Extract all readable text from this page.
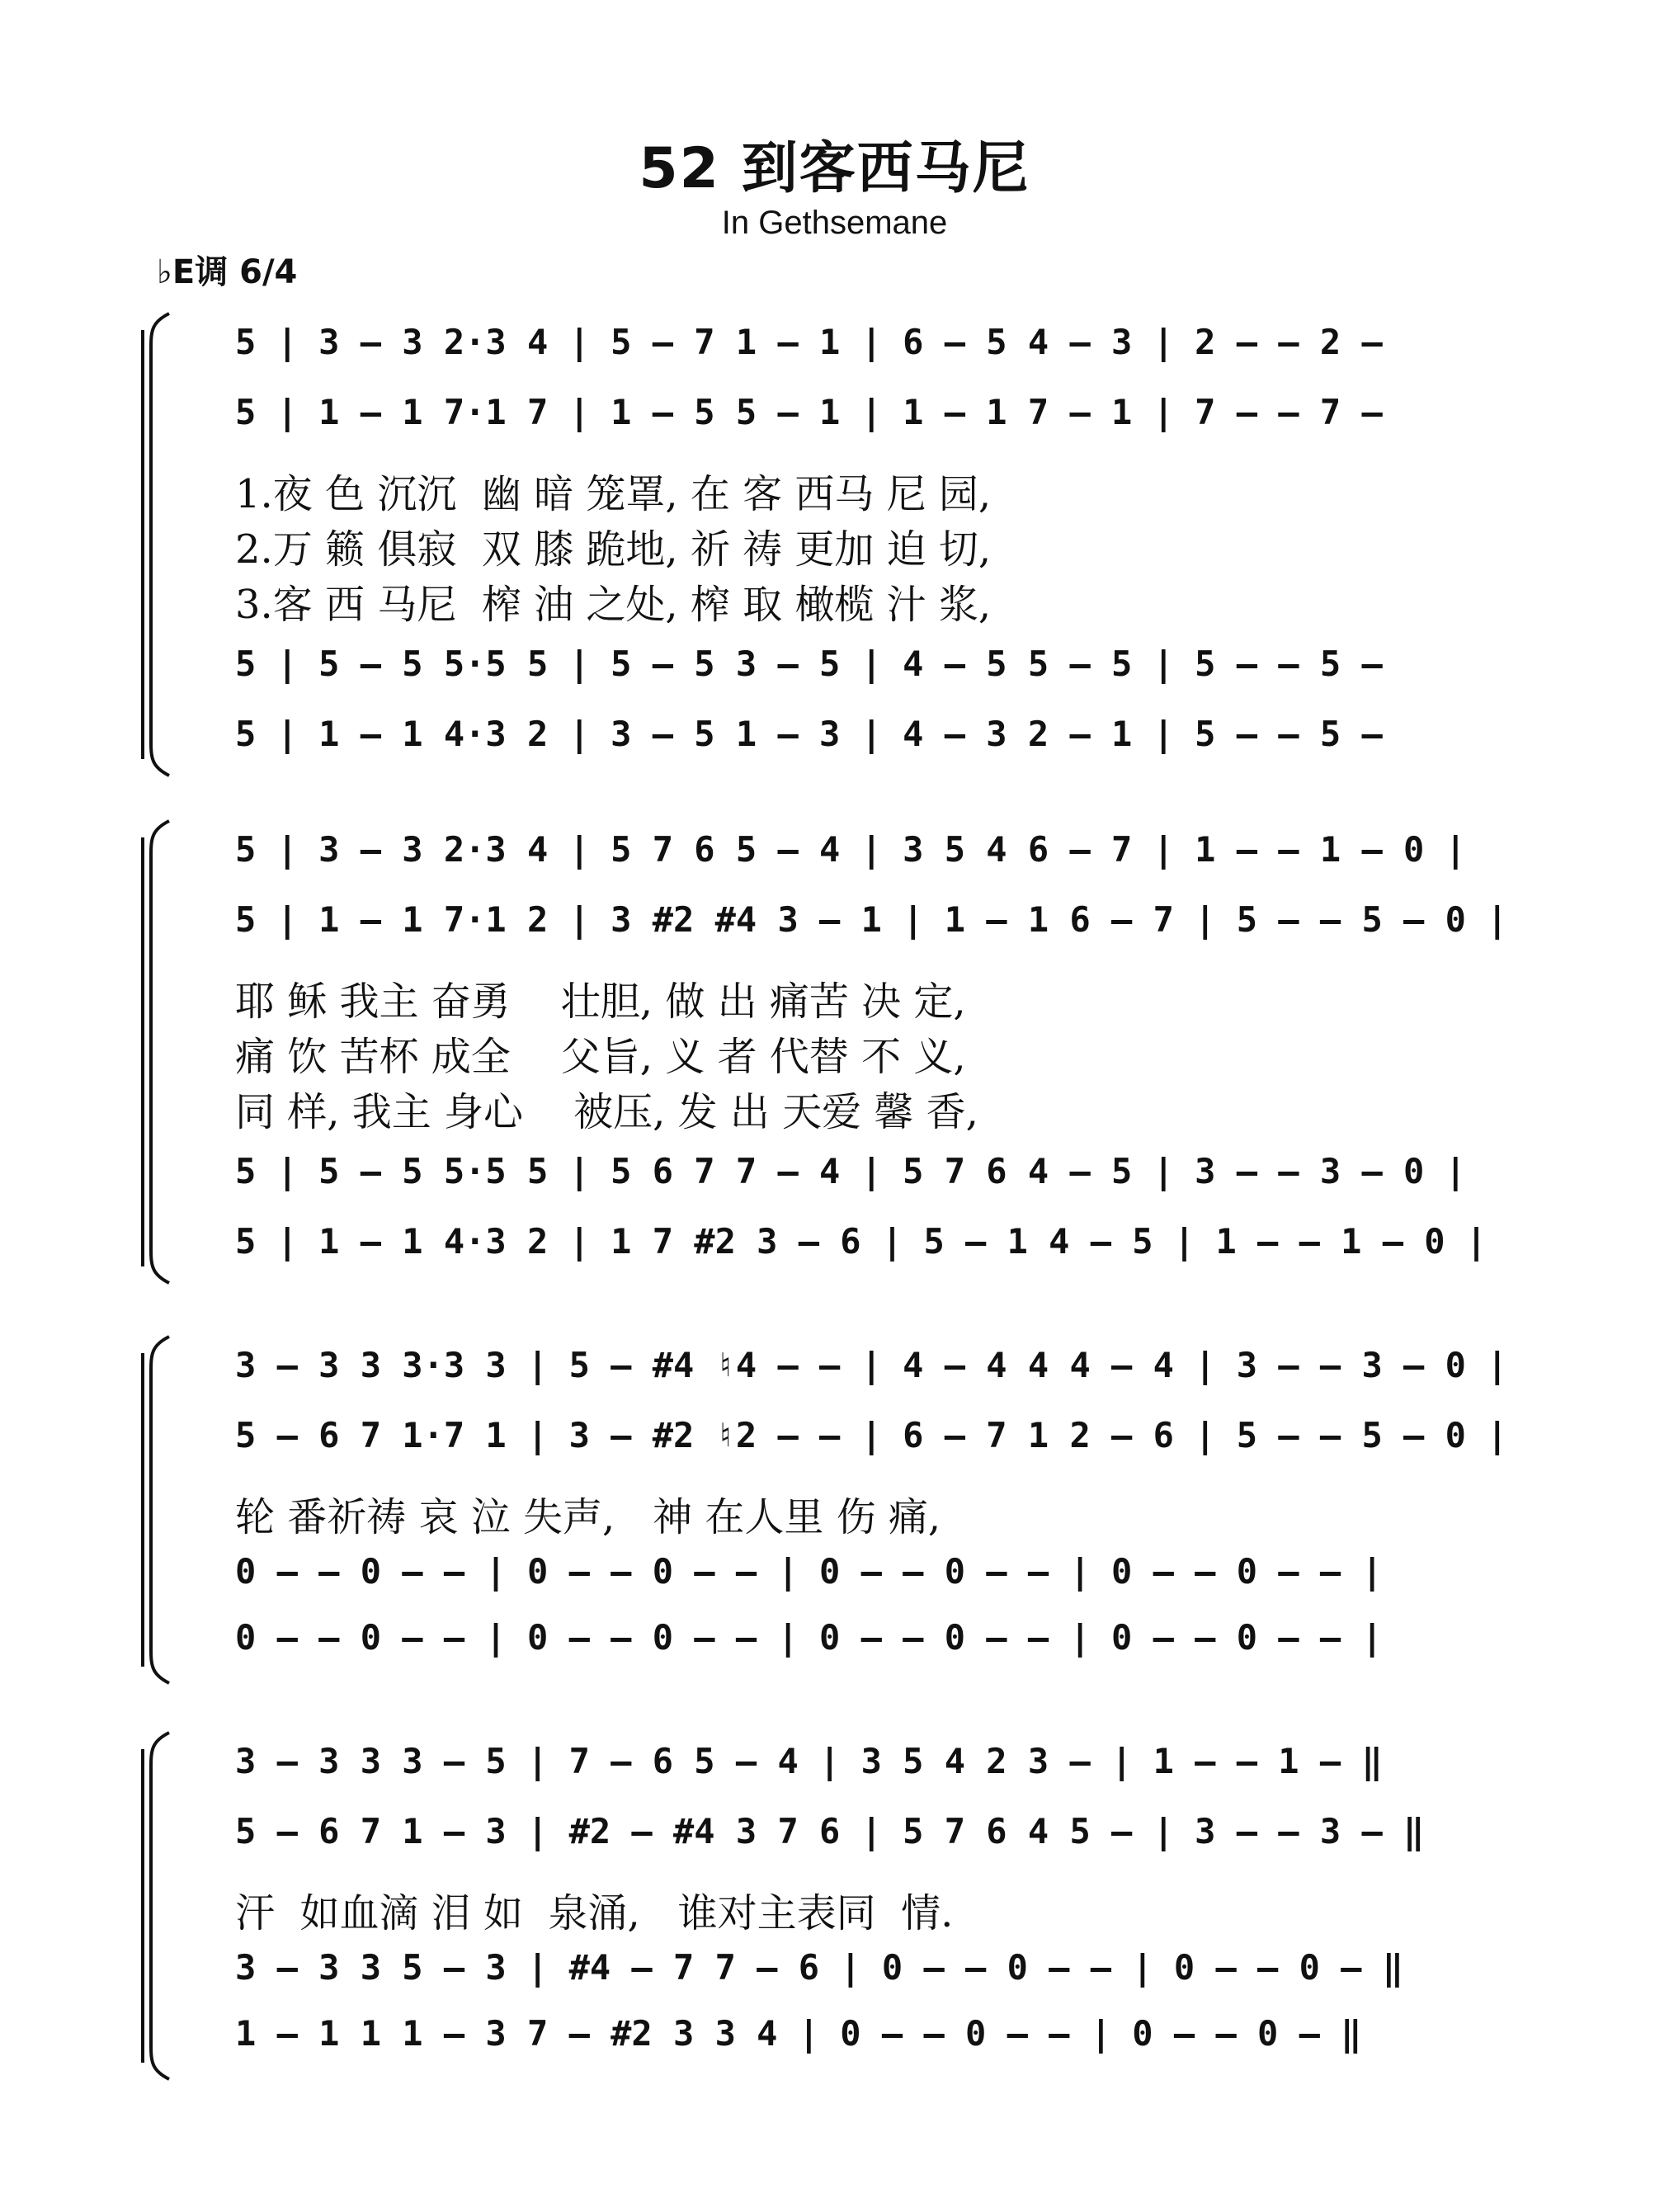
52 到客西马尼
In Gethsemane
♭E调 6/4
5 | 3 — 3 2·3 4 | 5 — 7 1 — 1 | 6 — 5 4 — 3 | 2 — — 2 —
5 | 1 — 1 7·1 7 | 1 — 5 5 — 1 | 1 — 1 7 — 1 | 7 — — 7 —
1.夜 色 沉沉  幽 暗 笼罩, 在 客 西马 尼 园,
2.万 籁 俱寂  双 膝 跪地, 祈 祷 更加 迫 切,
3.客 西 马尼  榨 油 之处, 榨 取 橄榄 汁 浆,
5 | 5 — 5 5·5 5 | 5 — 5 3 — 5 | 4 — 5 5 — 5 | 5 — — 5 —
5 | 1 — 1 4·3 2 | 3 — 5 1 — 3 | 4 — 3 2 — 1 | 5 — — 5 —
5 | 3 — 3 2·3 4 | 5 7 6 5 — 4 | 3 5 4 6 — 7 | 1 — — 1 — 0 |
5 | 1 — 1 7·1 2 | 3 #2 #4 3 — 1 | 1 — 1 6 — 7 | 5 — — 5 — 0 |
耶 稣 我主 奋勇    壮胆, 做 出 痛苦 决 定,
痛 饮 苦杯 成全    父旨, 义 者 代替 不 义,
同 样, 我主 身心    被压, 发 出 天爱 馨 香,
5 | 5 — 5 5·5 5 | 5 6 7 7 — 4 | 5 7 6 4 — 5 | 3 — — 3 — 0 |
5 | 1 — 1 4·3 2 | 1 7 #2 3 — 6 | 5 — 1 4 — 5 | 1 — — 1 — 0 |
3 — 3 3 3·3 3 | 5 — #4 ♮4 — — | 4 — 4 4 4 — 4 | 3 — — 3 — 0 |
5 — 6 7 1·7 1 | 3 — #2 ♮2 — — | 6 — 7 1 2 — 6 | 5 — — 5 — 0 |
轮 番祈祷 哀 泣 失声,   神 在人里 伤 痛,
0 — — 0 — — | 0 — — 0 — — | 0 — — 0 — — | 0 — — 0 — — |
0 — — 0 — — | 0 — — 0 — — | 0 — — 0 — — | 0 — — 0 — — |
3 — 3 3 3 — 5 | 7 — 6 5 — 4 | 3 5 4 2 3 — | 1 — — 1 — ‖
5 — 6 7 1 — 3 | #2 — #4 3 7 6 | 5 7 6 4 5 — | 3 — — 3 — ‖
汗  如血滴 泪 如  泉涌,   谁对主表同  情.
3 — 3 3 5 — 3 | #4 — 7 7 — 6 | 0 — — 0 — — | 0 — — 0 — ‖
1 — 1 1 1 — 3 7 — #2 3 3 4 | 0 — — 0 — — | 0 — — 0 — ‖
